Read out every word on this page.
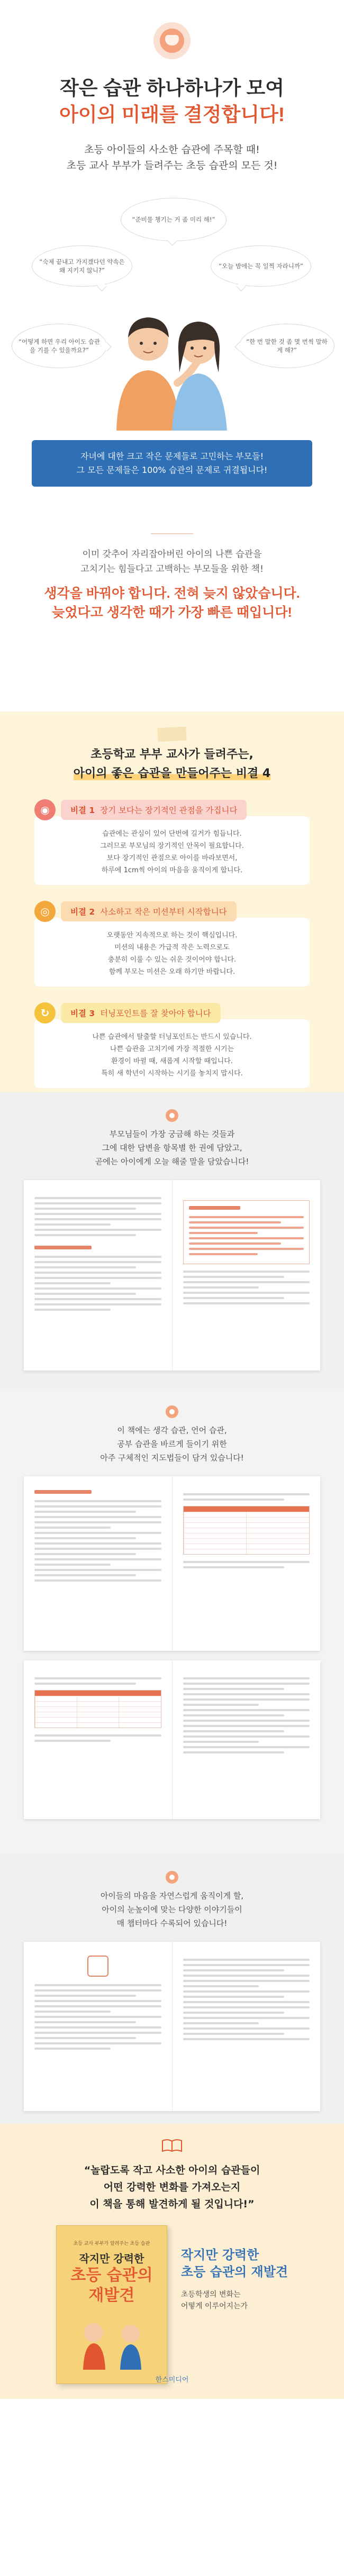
작은 습관 하나하나가 모여
아이의 미래를 결정합니다!
초등 아이들의 사소한 습관에 주목할 때!
초등 교사 부부가 들려주는 초등 습관의 모든 것!
“준비물 챙기는 거 좀 미리 해!”
“숙제 끝내고 가지겠다던 약속은 왜 지키지 않니?”
“오늘 밤에는 꼭 일찍 자라니까”
“어떻게 하면 우리 아이도 습관을 기를 수 있을까요?”
“한 번 말한 것 좀 몇 번씩 말하게 해?”
자녀에 대한 크고 작은 문제들로 고민하는 부모들!
그 모든 문제들은 100% 습관의 문제로 귀결됩니다!
이미 갖추어 자리잡아버린 아이의 나쁜 습관을
고치기는 힘들다고 고백하는 부모들을 위한 책!
생각을 바꿔야 합니다. 전혀 늦지 않았습니다.
늦었다고 생각한 때가 가장 빠른 때입니다!
초등학교 부부 교사가 들려주는,
아이의 좋은 습관을 만들어주는 비결 4
◉	비결 1 장기 보다는 장기적인 관점을 가집니다
습관에는 관심이 있어 단번에 길거가 힘듭니다.
그러므로 부모님의 장기적인 안목이 필요합니다.
보다 장기적인 관점으로 아이를 바라보면서,
하루에 1cm씩 아이의 마음을 움직이게 합니다.
◎	비결 2 사소하고 작은 미션부터 시작합니다
오랫동안 지속적으로 하는 것이 핵심입니다.
미션의 내용은 가급적 작은 노력으로도
충분히 이룰 수 있는 쉬운 것이어야 합니다.
함께 부모는 미션은 오래 하기만 바랍니다.
↻	비결 3 터닝포인트를 잘 찾아야 합니다
나쁜 습관에서 탈출할 터닝포인트는 반드시 있습니다.
나쁜 습관을 고치기에 가장 적절한 시기는
환경이 바뀔 때, 새롭게 시작할 때입니다.
특히 새 학년이 시작하는 시기를 놓치지 맙시다.
부모님들이 가장 궁금해 하는 것들과
그에 대한 답변을 항목별 한 권에 담았고,
곧에는 아이에게 오늘 해줄 말을 담았습니다!
이 책에는 생각 습관, 언어 습관,
공부 습관을 바르게 들이기 위한
아주 구체적인 지도법들이 담겨 있습니다!
아이들의 마음을 자연스럽게 움직이게 할,
아이의 눈높이에 맞는 다양한 이야기들이
매 챕터마다 수록되어 있습니다!
“놀랍도록 작고 사소한 아이의 습관들이
어떤 강력한 변화를 가져오는지
이 책을 통해 발견하게 될 것입니다!”
초등 교사 부부가 알려주는 초등 습관
작지만 강력한
초등 습관의
재발견
작지만 강력한
초등 습관의 재발견
초등학생의 변화는
어떻게 이루어지는가
한스미디어
